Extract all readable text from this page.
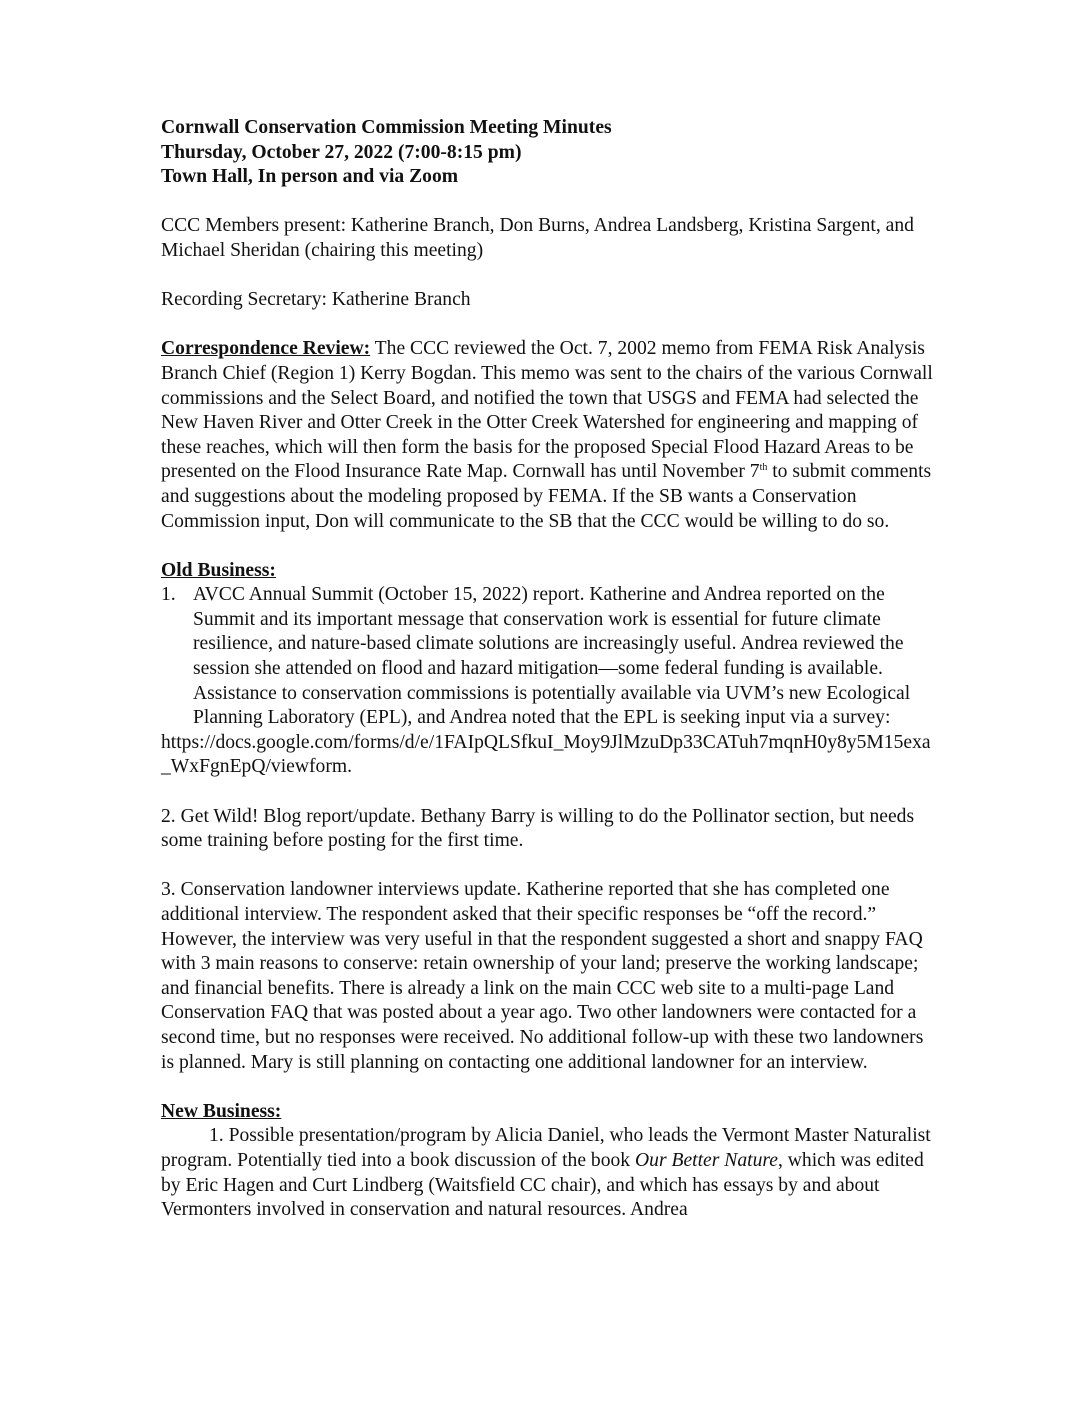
Cornwall Conservation Commission Meeting Minutes

Thursday, October 27, 2022 (7:00-8:15 pm)

Town Hall, In person and via Zoom

CCC Members present: Katherine Branch, Don Burns, Andrea Landsberg, Kristina Sargent, and Michael Sheridan (chairing this meeting)

Recording Secretary: Katherine Branch

Correspondence Review: The CCC reviewed the Oct. 7, 2002 memo from FEMA Risk Analysis Branch Chief (Region 1) Kerry Bogdan. This memo was sent to the chairs of the various Cornwall commissions and the Select Board, and notified the town that USGS and FEMA had selected the New Haven River and Otter Creek in the Otter Creek Watershed for engineering and mapping of these reaches, which will then form the basis for the proposed Special Flood Hazard Areas to be presented on the Flood Insurance Rate Map. Cornwall has until November 7th to submit comments and suggestions about the modeling proposed by FEMA. If the SB wants a Conservation Commission input, Don will communicate to the SB that the CCC would be willing to do so.

Old Business:

1. AVCC Annual Summit (October 15, 2022) report. Katherine and Andrea reported on the Summit and its important message that conservation work is essential for future climate resilience, and nature-based climate solutions are increasingly useful. Andrea reviewed the session she attended on flood and hazard mitigation—some federal funding is available. Assistance to conservation commissions is potentially available via UVM’s new Ecological Planning Laboratory (EPL), and Andrea noted that the EPL is seeking input via a survey:

https://docs.google.com/forms/d/e/1FAIpQLSfkuI_Moy9JlMzuDp33CATuh7mqnH0y8y5M15exa_WxFgnEpQ/viewform.

2. Get Wild! Blog report/update. Bethany Barry is willing to do the Pollinator section, but needs some training before posting for the first time.

3. Conservation landowner interviews update. Katherine reported that she has completed one additional interview. The respondent asked that their specific responses be “off the record.” However, the interview was very useful in that the respondent suggested a short and snappy FAQ with 3 main reasons to conserve: retain ownership of your land; preserve the working landscape; and financial benefits. There is already a link on the main CCC web site to a multi-page Land Conservation FAQ that was posted about a year ago. Two other landowners were contacted for a second time, but no responses were received. No additional follow-up with these two landowners is planned. Mary is still planning on contacting one additional landowner for an interview.

New Business:

1. Possible presentation/program by Alicia Daniel, who leads the Vermont Master Naturalist program. Potentially tied into a book discussion of the book Our Better Nature, which was edited by Eric Hagen and Curt Lindberg (Waitsfield CC chair), and which has essays by and about Vermonters involved in conservation and natural resources. Andrea
